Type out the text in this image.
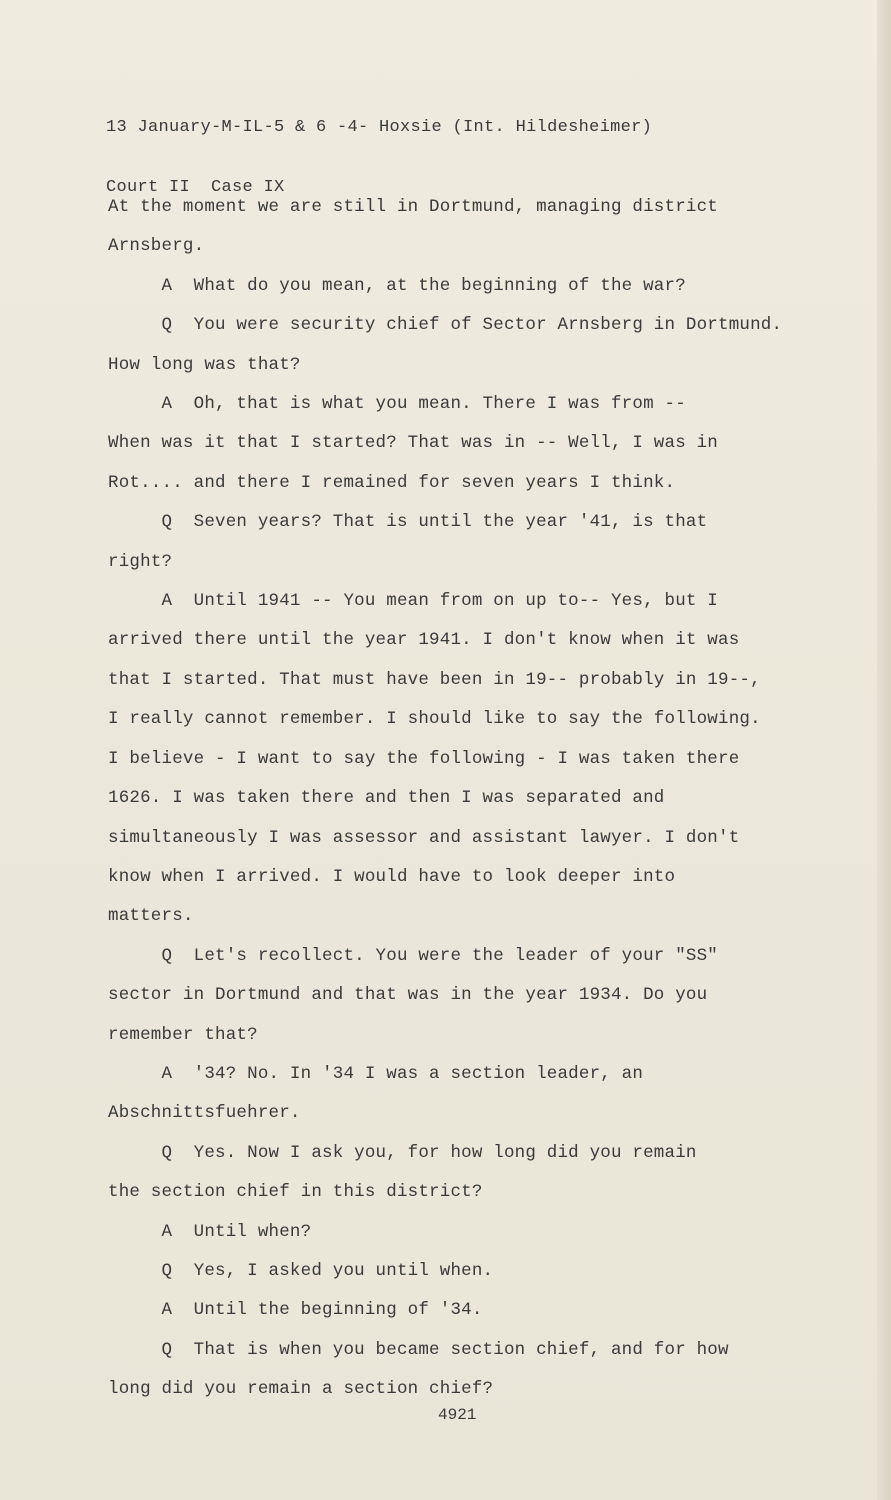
13 January-M-IL-5 & 6 -4- Hoxsie (Int. Hildesheimer)

Court II  Case IX

At the moment we are still in Dortmund, managing district

Arnsberg.

A  What do you mean, at the beginning of the war?

Q  You were security chief of Sector Arnsberg in Dortmund.

How long was that?

A  Oh, that is what you mean. There I was from --

When was it that I started? That was in -- Well, I was in

Rot.... and there I remained for seven years I think.

Q  Seven years? That is until the year '41, is that

right?

A  Until 1941 -- You mean from on up to-- Yes, but I

arrived there until the year 1941. I don't know when it was

that I started. That must have been in 19-- probably in 19--,

I really cannot remember. I should like to say the following.

I believe - I want to say the following - I was taken there

1626. I was taken there and then I was separated and

simultaneously I was assessor and assistant lawyer. I don't

know when I arrived. I would have to look deeper into

matters.

Q  Let's recollect. You were the leader of your "SS"

sector in Dortmund and that was in the year 1934. Do you

remember that?

A  '34? No. In '34 I was a section leader, an

Abschnittsfuehrer.

Q  Yes. Now I ask you, for how long did you remain

the section chief in this district?

A  Until when?

Q  Yes, I asked you until when.

A  Until the beginning of '34.

Q  That is when you became section chief, and for how

long did you remain a section chief?

4921
